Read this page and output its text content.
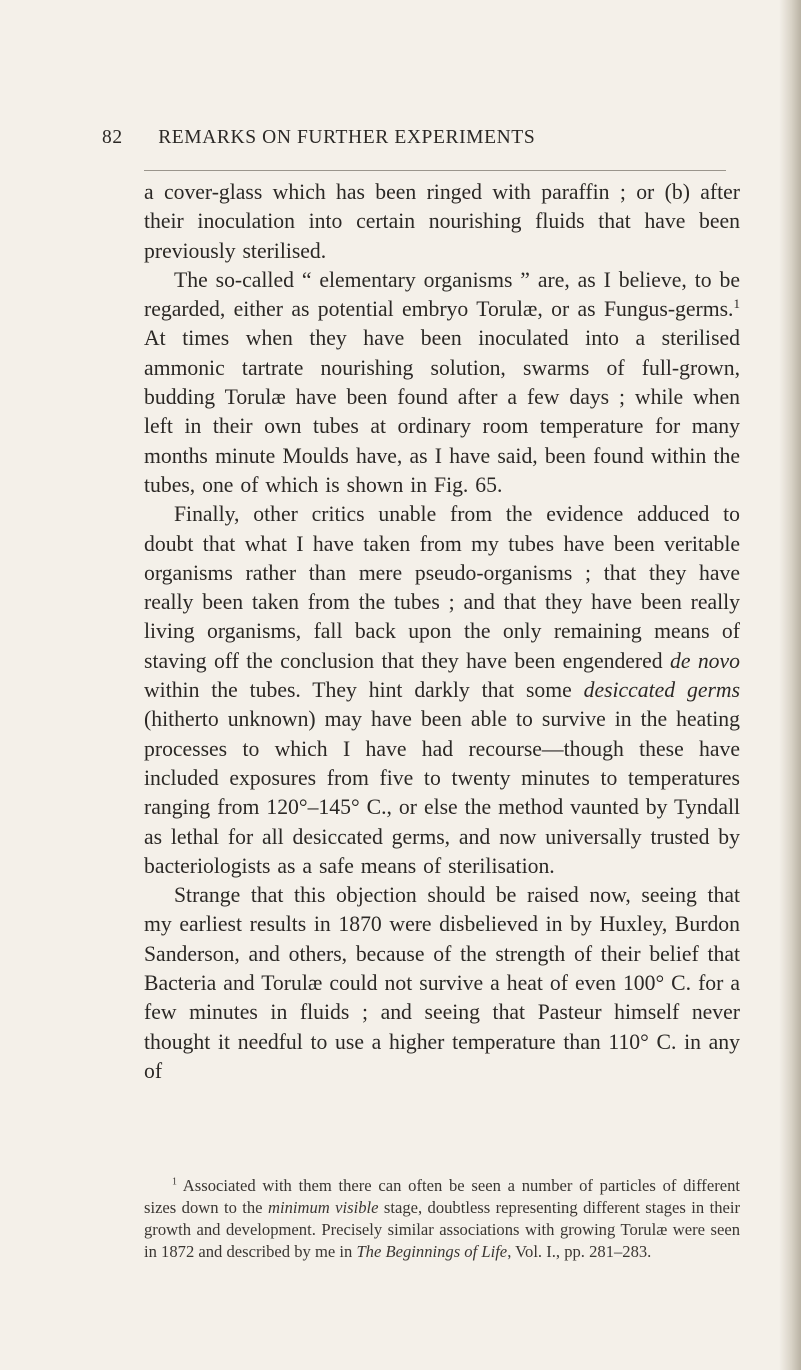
82 REMARKS ON FURTHER EXPERIMENTS

a cover-glass which has been ringed with paraffin ; or (b) after their inoculation into certain nourishing fluids that have been previously sterilised.

The so-called “ elementary organisms ” are, as I believe, to be regarded, either as potential embryo Torulæ, or as Fungus-germs.$^1$ At times when they have been inoculated into a sterilised ammonic tartrate nourishing solution, swarms of full-grown, budding Torulæ have been found after a few days ; while when left in their own tubes at ordinary room temperature for many months minute Moulds have, as I have said, been found within the tubes, one of which is shown in Fig. 65.

Finally, other critics unable from the evidence adduced to doubt that what I have taken from my tubes have been veritable organisms rather than mere pseudo-organisms ; that they have really been taken from the tubes ; and that they have been really living organisms, fall back upon the only remaining means of staving off the conclusion that they have been engendered de novo within the tubes. They hint darkly that some desiccated germs (hitherto unknown) may have been able to survive in the heating processes to which I have had recourse—though these have included exposures from five to twenty minutes to temperatures ranging from 120°–145° C., or else the method vaunted by Tyndall as lethal for all desiccated germs, and now universally trusted by bacteriologists as a safe means of sterilisation.

Strange that this objection should be raised now, seeing that my earliest results in 1870 were disbelieved in by Huxley, Burdon Sanderson, and others, because of the strength of their belief that Bacteria and Torulæ could not survive a heat of even 100° C. for a few minutes in fluids ; and seeing that Pasteur himself never thought it needful to use a higher temperature than 110° C. in any of

$^1$ Associated with them there can often be seen a number of particles of different sizes down to the minimum visible stage, doubtless representing different stages in their growth and development. Precisely similar associations with growing Torulæ were seen in 1872 and described by me in The Beginnings of Life, Vol. I., pp. 281–283.
